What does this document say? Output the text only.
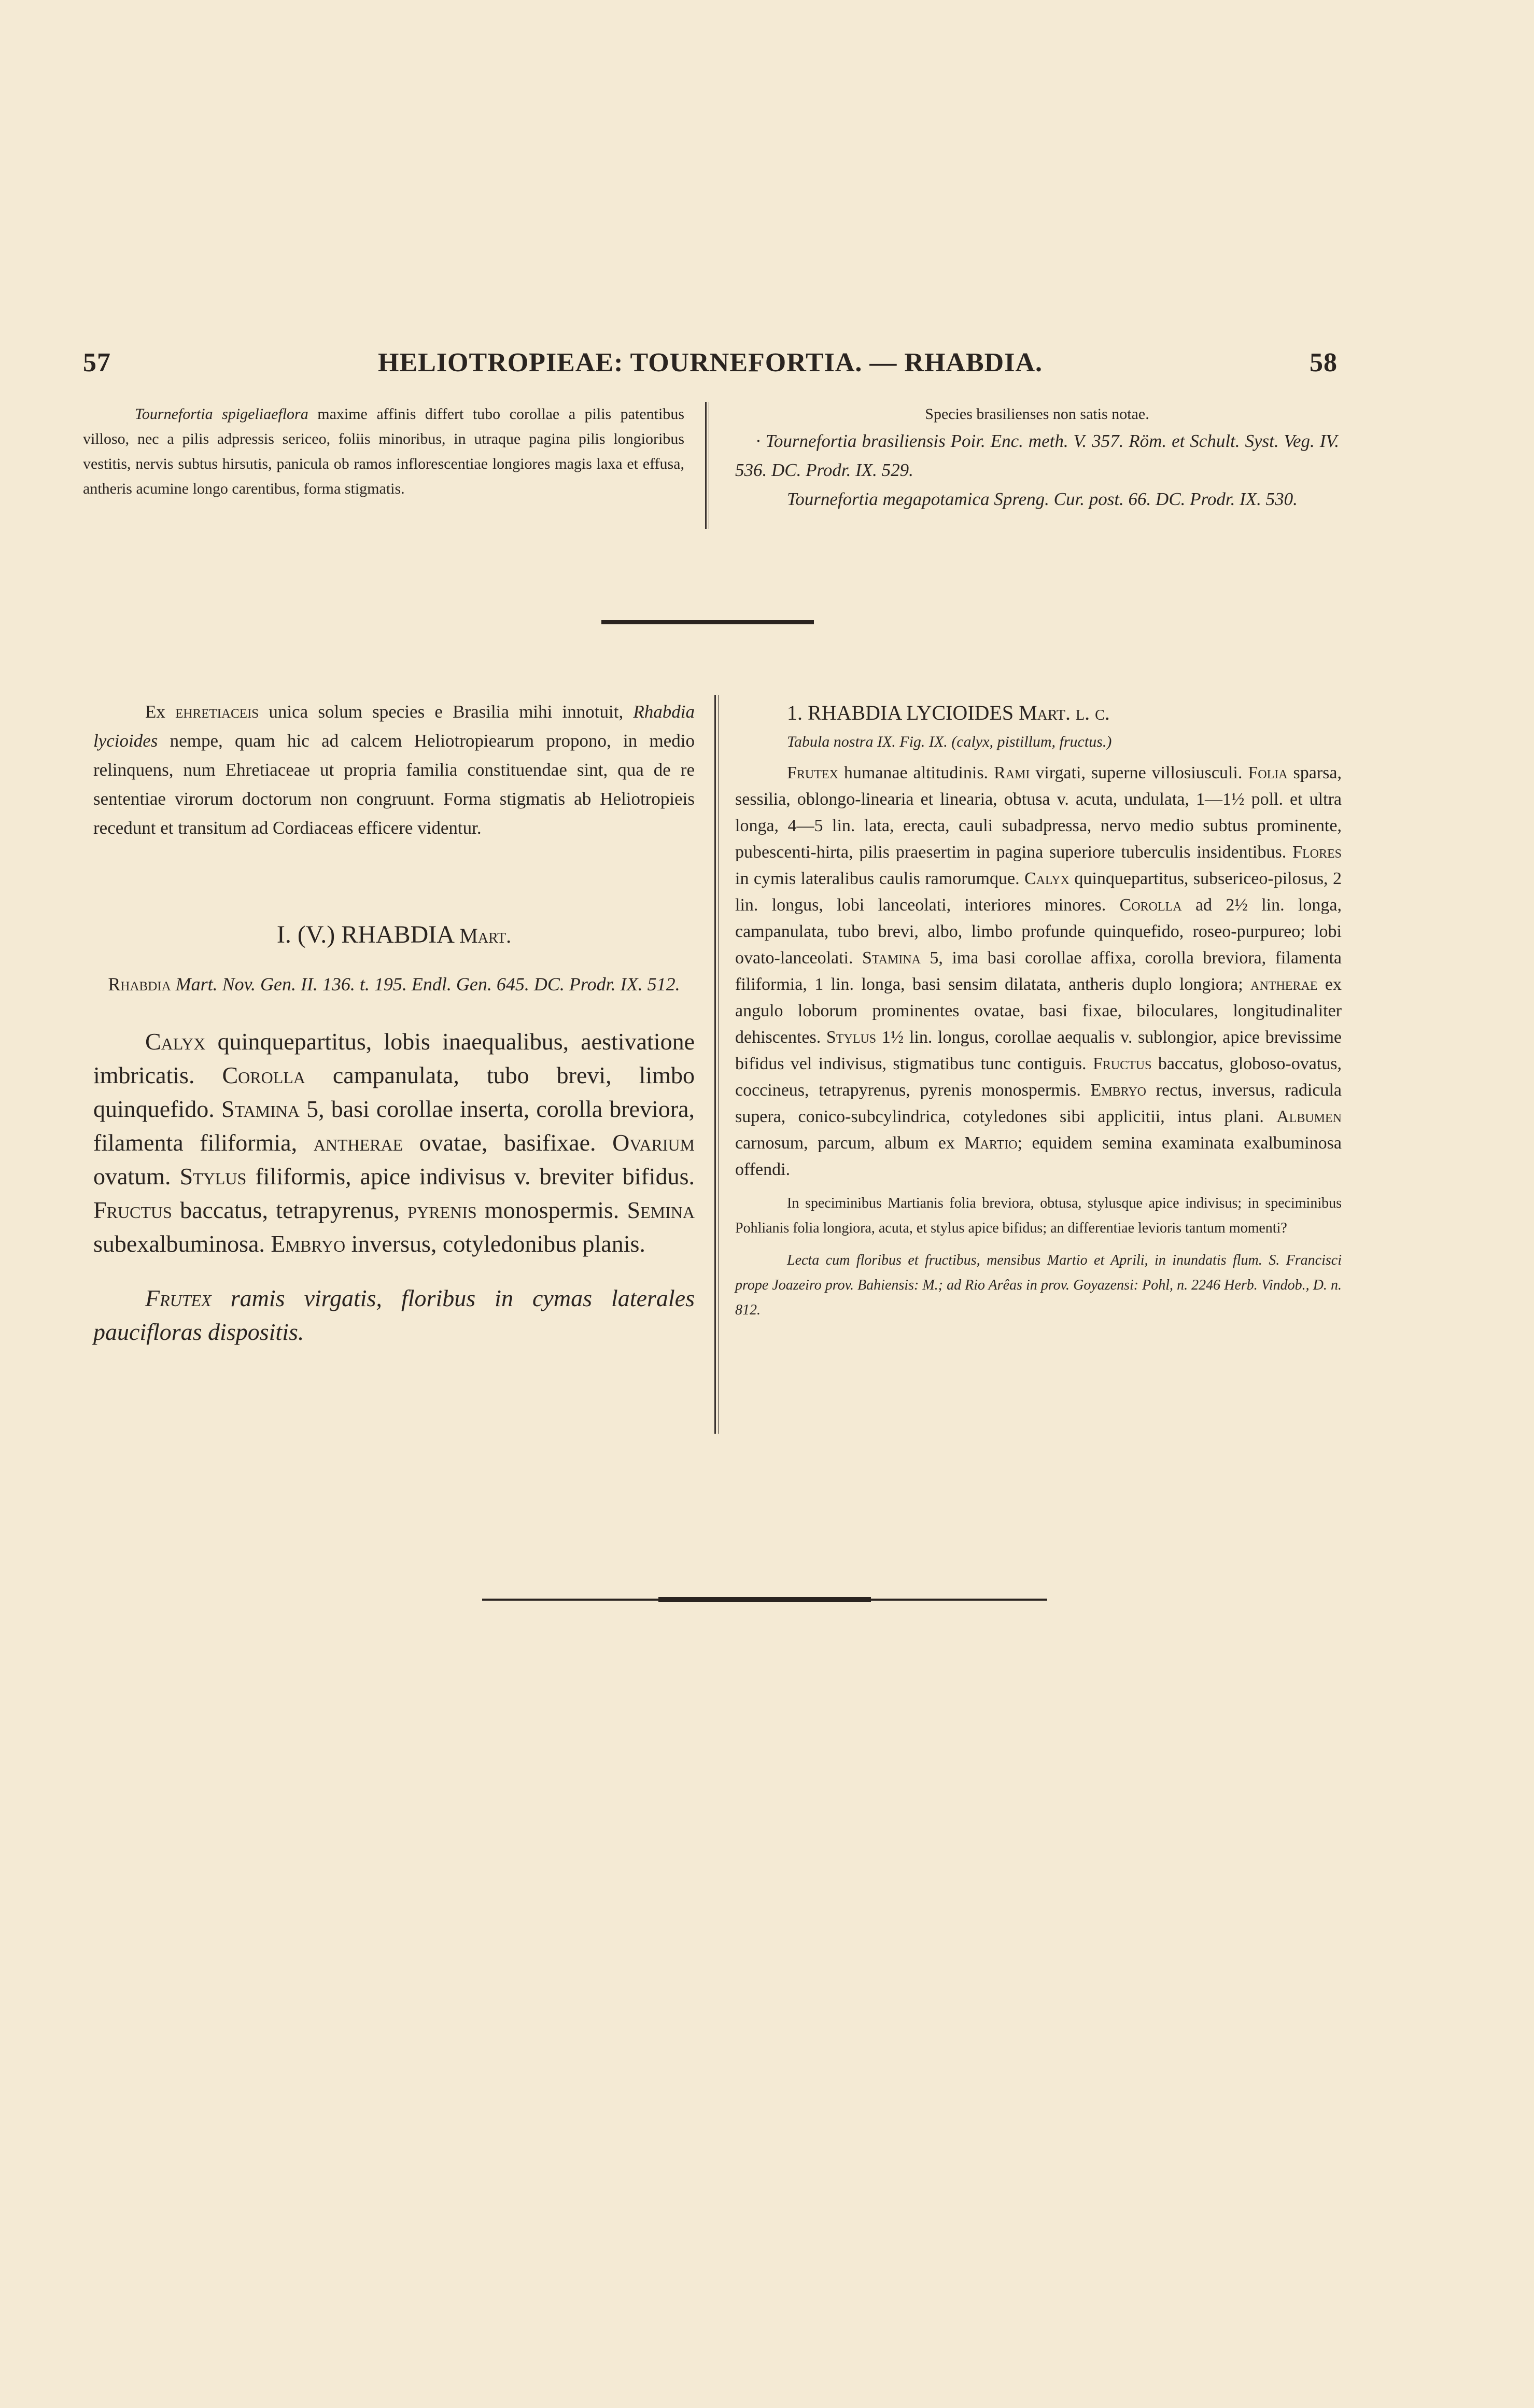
57	HELIOTROPIEAE: TOURNEFORTIA. — RHABDIA.	58

Tournefortia spigeliaeflora maxime affinis differt tubo corollae a pilis patentibus villoso, nec a pilis adpressis sericeo, foliis minoribus, in utraque pagina pilis longioribus vestitis, nervis subtus hirsutis, panicula ob ramos inflorescentiae longiores magis laxa et effusa, antheris acumine longo carentibus, forma stigmatis.

Species brasilienses non satis notae.

· Tournefortia brasiliensis Poir. Enc. meth. V. 357. Röm. et Schult. Syst. Veg. IV. 536. DC. Prodr. IX. 529.

Tournefortia megapotamica Spreng. Cur. post. 66. DC. Prodr. IX. 530.

Ex ehretiaceis unica solum species e Brasilia mihi innotuit, Rhabdia lycioides nempe, quam hic ad calcem Heliotropiearum propono, in medio relinquens, num Ehretiaceae ut propria familia constituendae sint, qua de re sententiae virorum doctorum non congruunt. Forma stigmatis ab Heliotropieis recedunt et transitum ad Cordiaceas efficere videntur.

I. (V.) RHABDIA Mart.

Rhabdia Mart. Nov. Gen. II. 136. t. 195. Endl. Gen. 645. DC. Prodr. IX. 512.

Calyx quinquepartitus, lobis inaequalibus, aestivatione imbricatis. Corolla campanulata, tubo brevi, limbo quinquefido. Stamina 5, basi corollae inserta, corolla breviora, filamenta filiformia, antherae ovatae, basifixae. Ovarium ovatum. Stylus filiformis, apice indivisus v. breviter bifidus. Fructus baccatus, tetrapyrenus, pyrenis monospermis. Semina subexalbuminosa. Embryo inversus, cotyledonibus planis.

Frutex ramis virgatis, floribus in cymas laterales paucifloras dispositis.

1. RHABDIA LYCIOIDES Mart. l. c.

Tabula nostra IX. Fig. IX. (calyx, pistillum, fructus.)

Frutex humanae altitudinis. Rami virgati, superne villosiusculi. Folia sparsa, sessilia, oblongo-linearia et linearia, obtusa v. acuta, undulata, 1—1½ poll. et ultra longa, 4—5 lin. lata, erecta, cauli subadpressa, nervo medio subtus prominente, pubescenti-hirta, pilis praesertim in pagina superiore tuberculis insidentibus. Flores in cymis lateralibus caulis ramorumque. Calyx quinquepartitus, subsericeo-pilosus, 2 lin. longus, lobi lanceolati, interiores minores. Corolla ad 2½ lin. longa, campanulata, tubo brevi, albo, limbo profunde quinquefido, roseo-purpureo; lobi ovato-lanceolati. Stamina 5, ima basi corollae affixa, corolla breviora, filamenta filiformia, 1 lin. longa, basi sensim dilatata, antheris duplo longiora; antherae ex angulo loborum prominentes ovatae, basi fixae, biloculares, longitudinaliter dehiscentes. Stylus 1½ lin. longus, corollae aequalis v. sublongior, apice brevissime bifidus vel indivisus, stigmatibus tunc contiguis. Fructus baccatus, globoso-ovatus, coccineus, tetrapyrenus, pyrenis monospermis. Embryo rectus, inversus, radicula supera, conico-subcylindrica, cotyledones sibi applicitii, intus plani. Albumen carnosum, parcum, album ex Martio; equidem semina examinata exalbuminosa offendi.

In speciminibus Martianis folia breviora, obtusa, stylusque apice indivisus; in speciminibus Pohlianis folia longiora, acuta, et stylus apice bifidus; an differentiae levioris tantum momenti?

Lecta cum floribus et fructibus, mensibus Martio et Aprili, in inundatis flum. S. Francisci prope Joazeiro prov. Bahiensis: M.; ad Rio Arêas in prov. Goyazensi: Pohl, n. 2246 Herb. Vindob., D. n. 812.
